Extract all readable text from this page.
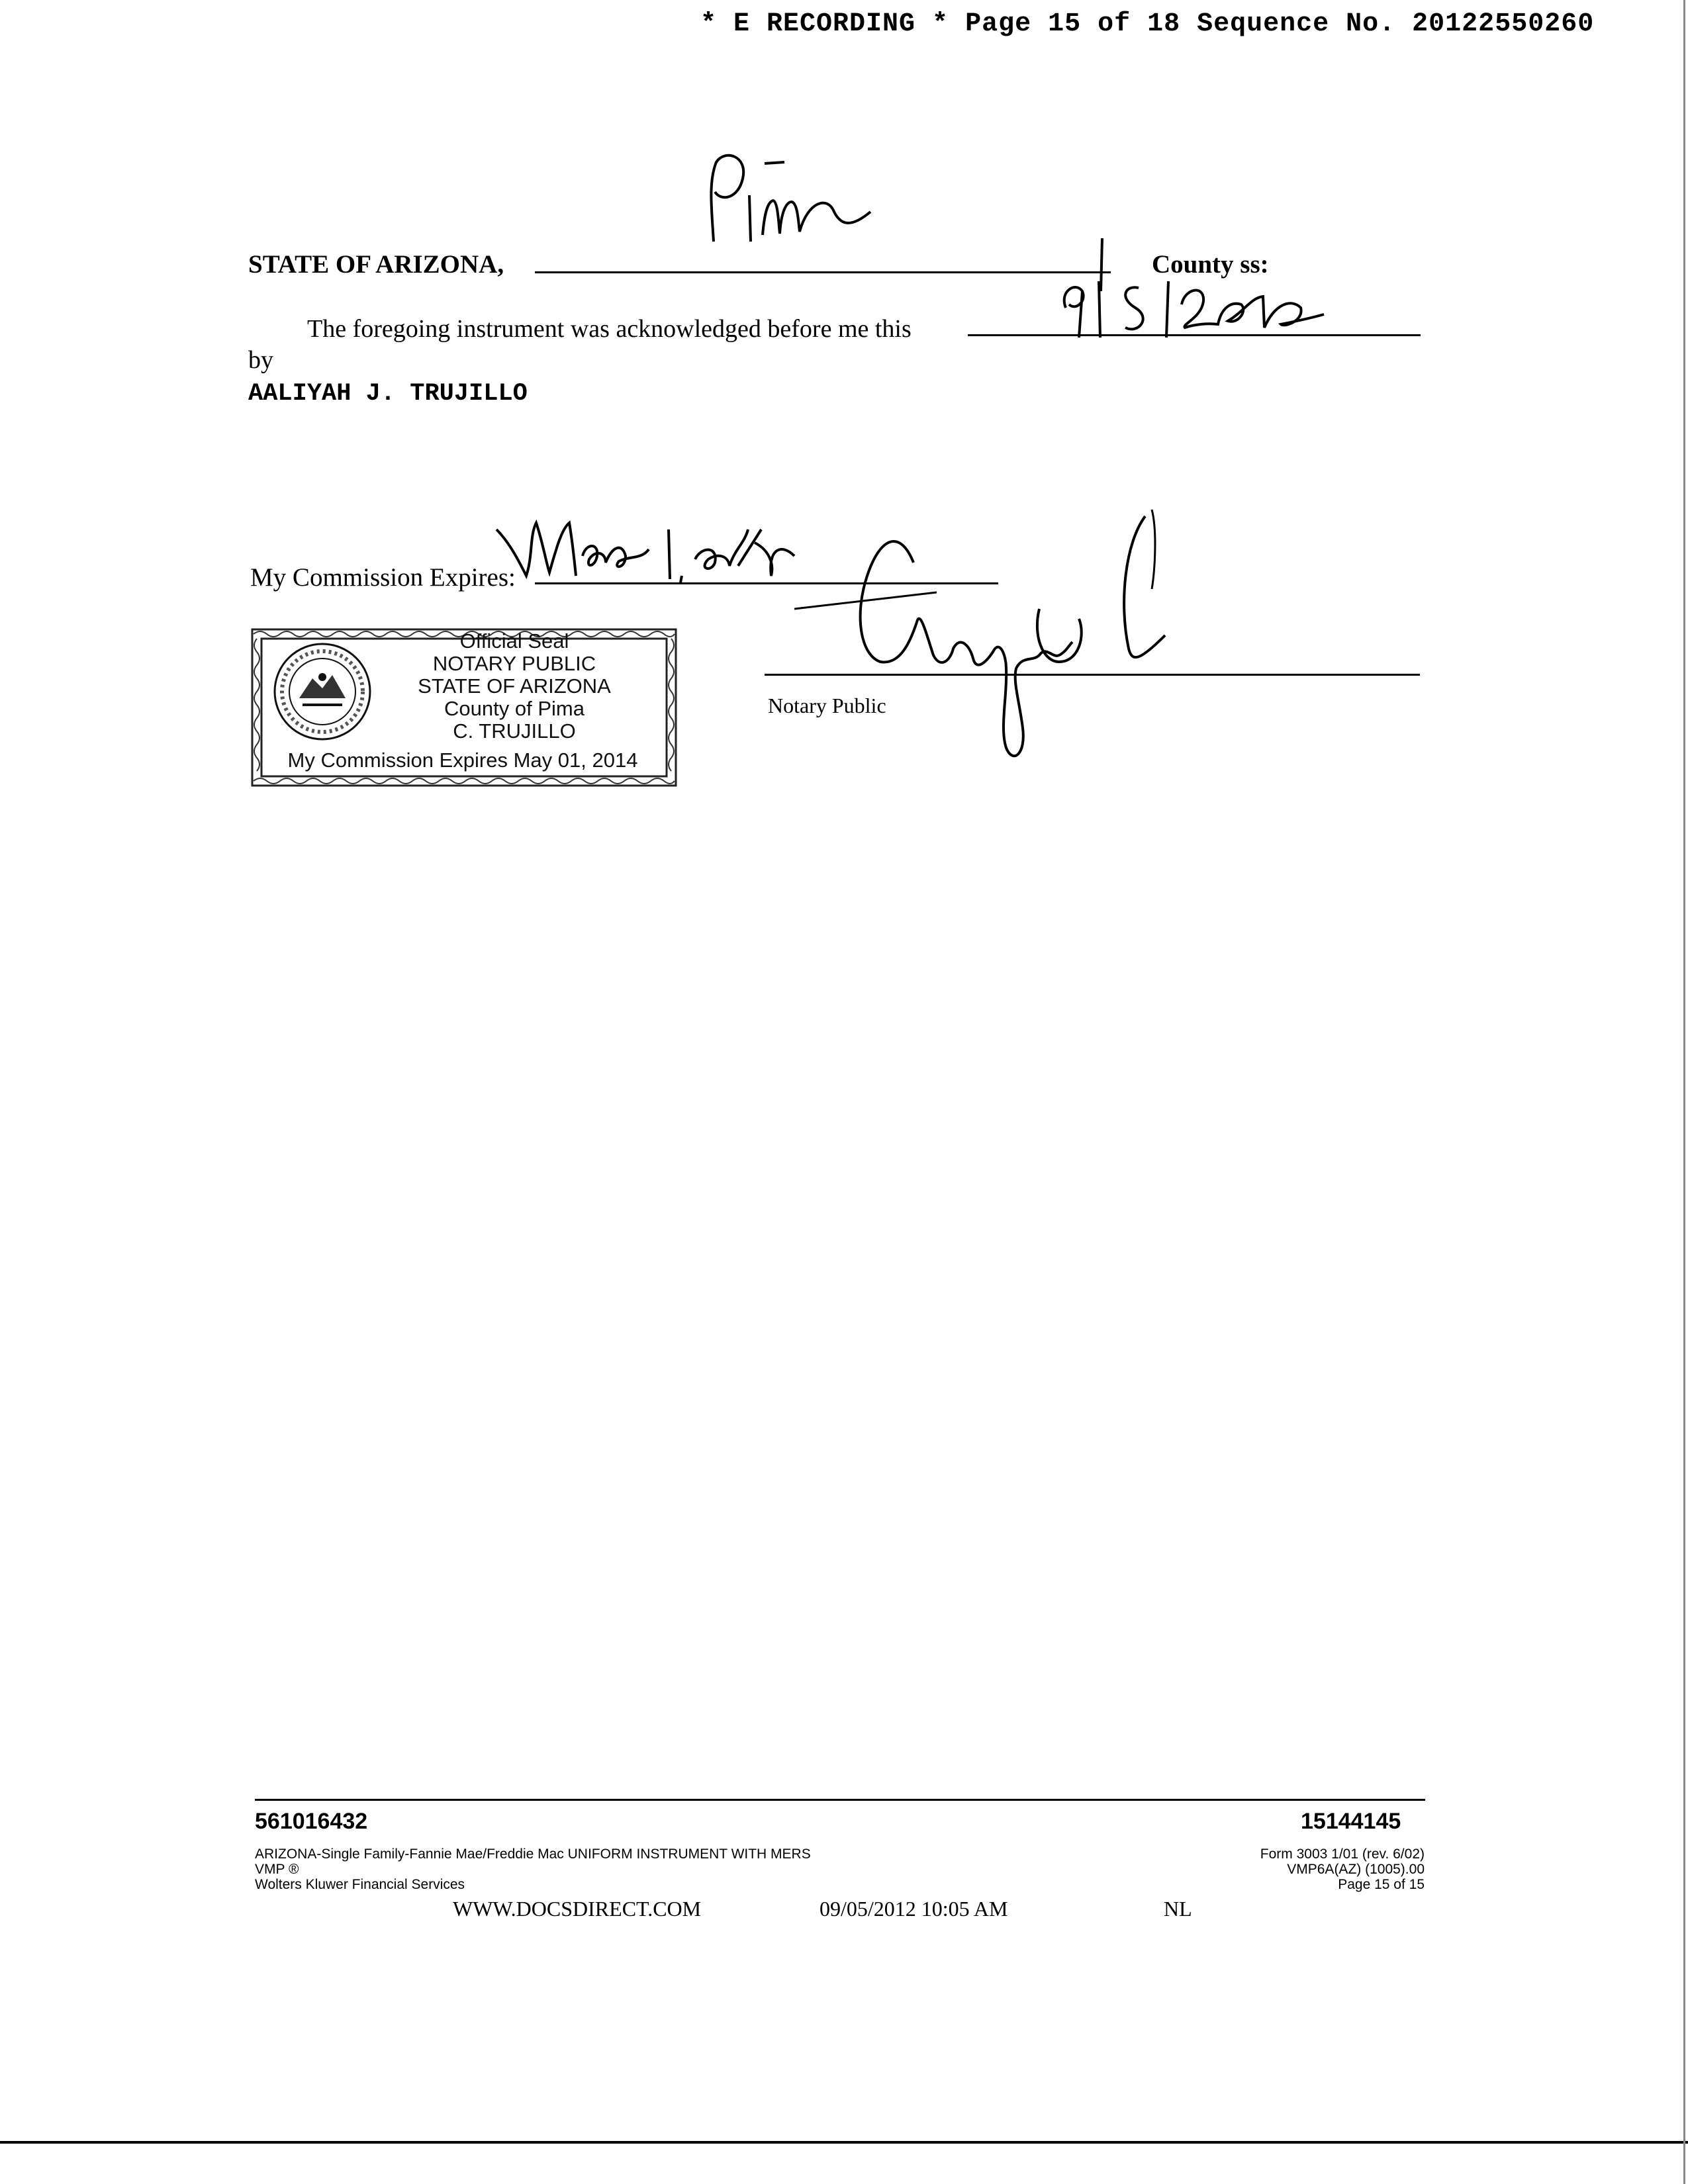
* E RECORDING * Page 15 of 18 Sequence No. 20122550260
STATE OF ARIZONA,	County ss:
The foregoing instrument was acknowledged before me this
by
AALIYAH J. TRUJILLO
My Commission Expires:
Notary Public
Official Seal
NOTARY PUBLIC
STATE OF ARIZONA
County of Pima
C. TRUJILLO
My Commission Expires May 01, 2014
561016432	15144145
ARIZONA-Single Family-Fannie Mae/Freddie Mac UNIFORM INSTRUMENT WITH MERS
VMP ®
Wolters Kluwer Financial Services
Form 3003 1/01 (rev. 6/02)
VMP6A(AZ) (1005).00
Page 15 of 15
WWW.DOCSDIRECT.COM	09/05/2012 10:05 AM	NL
